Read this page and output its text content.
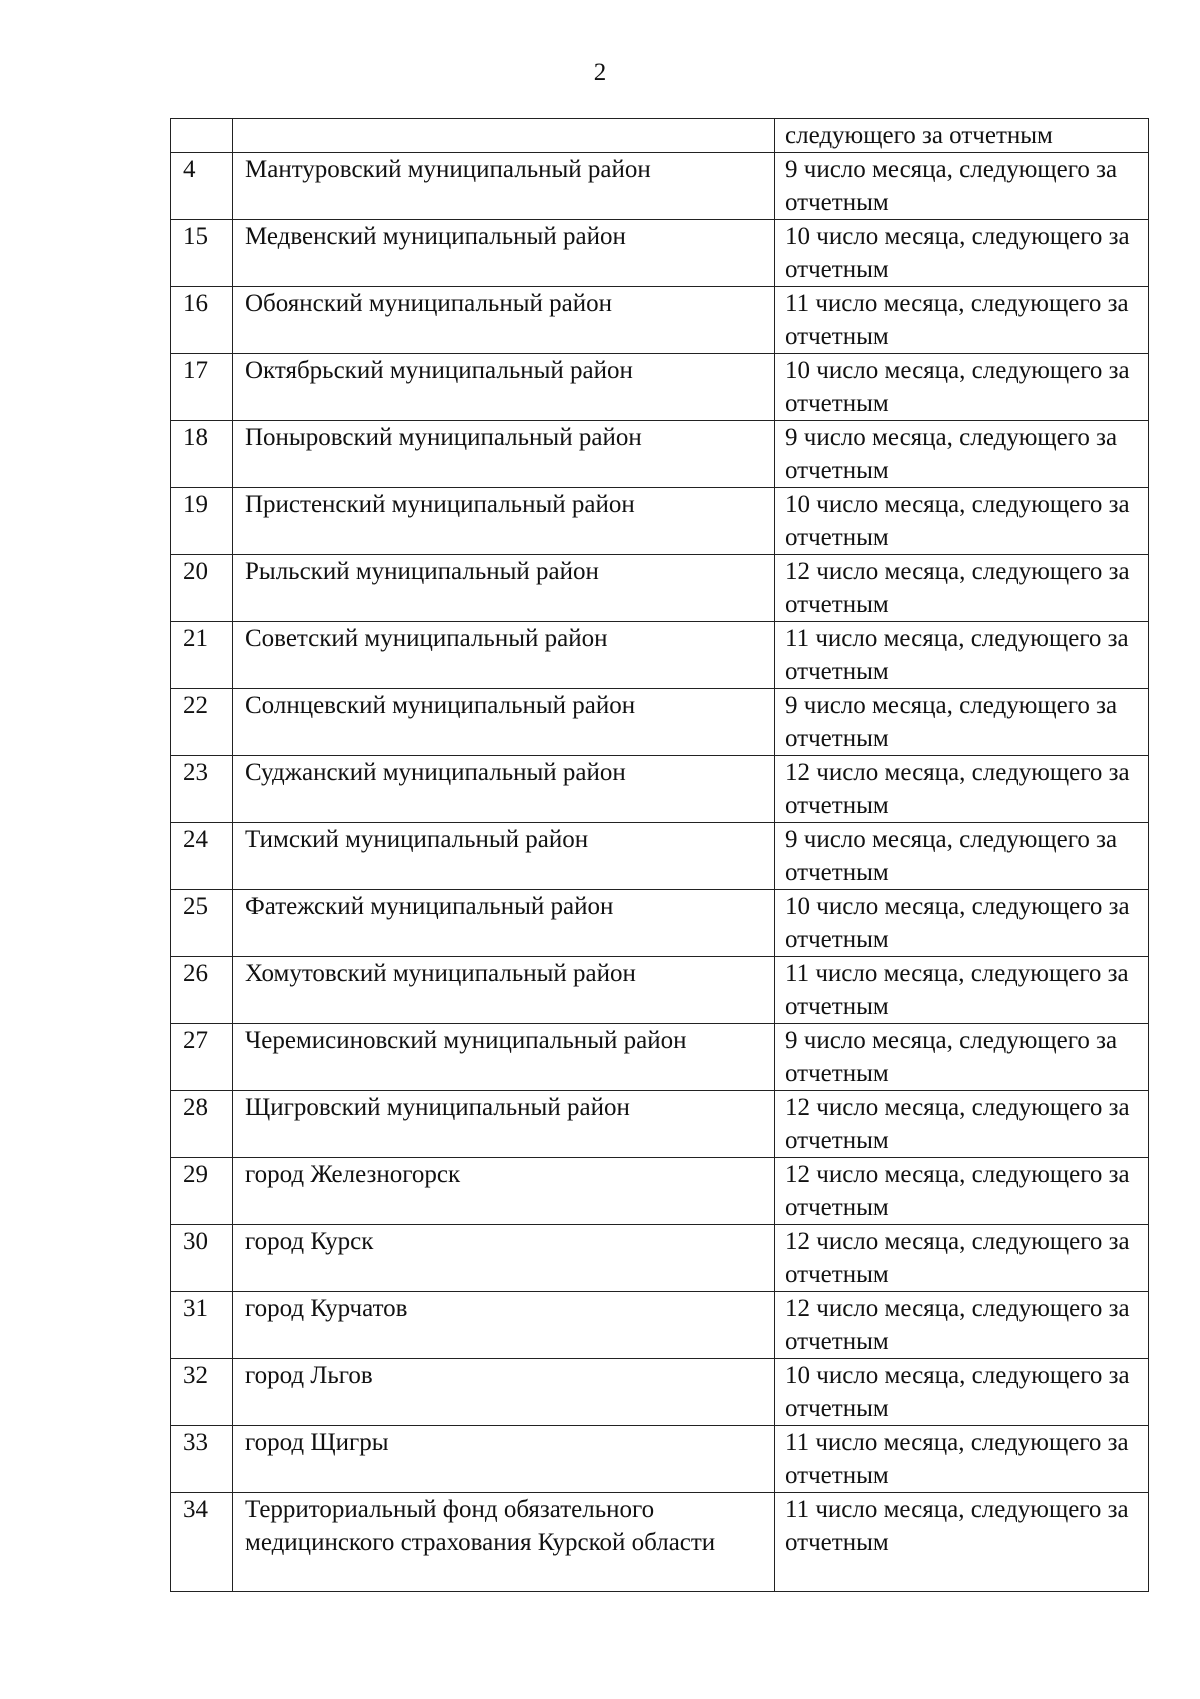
2
		следующего за отчетным
4	Мантуровский муниципальный район	9 число месяца, следующего за отчетным
15	Медвенский муниципальный район	10 число месяца, следующего за отчетным
16	Обоянский муниципальный район	11 число месяца, следующего за отчетным
17	Октябрьский муниципальный район	10 число месяца, следующего за отчетным
18	Поныровский муниципальный район	9 число месяца, следующего за отчетным
19	Пристенский муниципальный район	10 число месяца, следующего за отчетным
20	Рыльский муниципальный район	12 число месяца, следующего за отчетным
21	Советский муниципальный район	11 число месяца, следующего за отчетным
22	Солнцевский муниципальный район	9 число месяца, следующего за отчетным
23	Суджанский муниципальный район	12 число месяца, следующего за отчетным
24	Тимский муниципальный район	9 число месяца, следующего за отчетным
25	Фатежский муниципальный район	10 число месяца, следующего за отчетным
26	Хомутовский муниципальный район	11 число месяца, следующего за отчетным
27	Черемисиновский муниципальный район	9 число месяца, следующего за отчетным
28	Щигровский муниципальный район	12 число месяца, следующего за отчетным
29	город Железногорск	12 число месяца, следующего за отчетным
30	город Курск	12 число месяца, следующего за отчетным
31	город Курчатов	12 число месяца, следующего за отчетным
32	город Льгов	10 число месяца, следующего за отчетным
33	город Щигры	11 число месяца, следующего за отчетным
34	Территориальный фонд обязательного медицинского страхования Курской области	11 число месяца, следующего за отчетным
